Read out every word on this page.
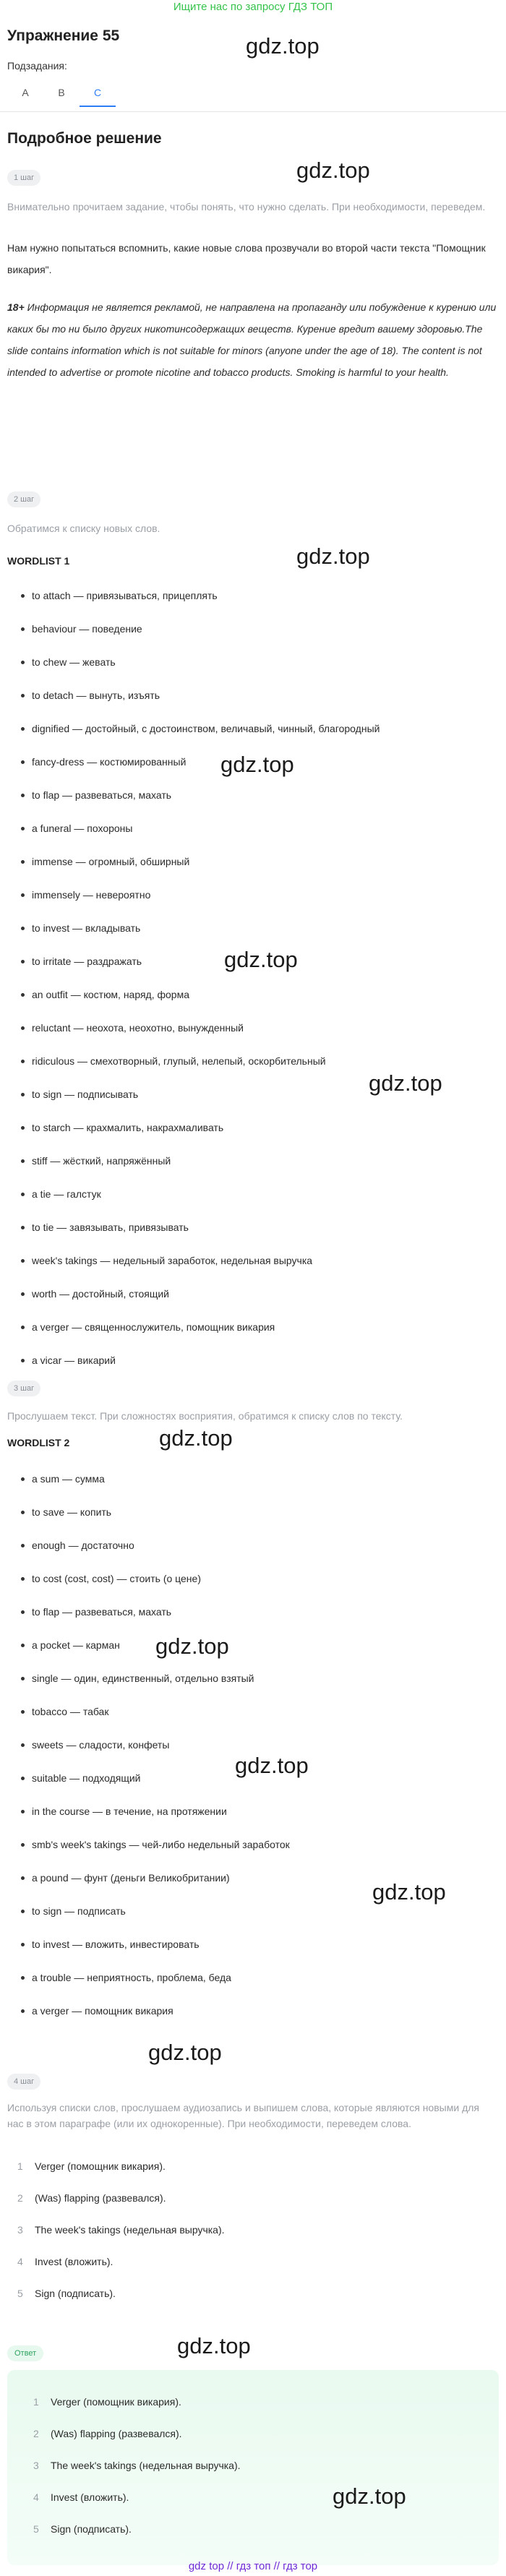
Ищите нас по запросу ГДЗ ТОП
Упражнение 55	gdz.top
Подзадания:
A	B	C
Подробное решение
gdz.top
1 шаг
Внимательно прочитаем задание, чтобы понять, что нужно сделать. При необходимости, переведем.
Нам нужно попытаться вспомнить, какие новые слова прозвучали во второй части текста "Помощник викария".
18+ Информация не является рекламой, не направлена на пропаганду или побуждение к курению или каких бы то ни было других никотинсодержащих веществ. Курение вредит вашему здоровью.The slide contains information which is not suitable for minors (anyone under the age of 18). The content is not intended to advertise or promote nicotine and tobacco products. Smoking is harmful to your health.
2 шаг
Обратимся к списку новых слов.
WORDLIST 1	gdz.top
to attach — привязываться, прицеплять
behaviour — поведение
to chew — жевать
to detach — вынуть, изъять
dignified — достойный, с достоинством, величавый, чинный, благородный
fancy-dress — костюмированный
to flap — развеваться, махать
a funeral — похороны
immense — огромный, обширный
immensely — невероятно
to invest — вкладывать
to irritate — раздражать
an outfit — костюм, наряд, форма
reluctant — неохота, неохотно, вынужденный
ridiculous — смехотворный, глупый, нелепый, оскорбительный
to sign — подписывать
to starch — крахмалить, накрахмаливать
stiff — жёсткий, напряжённый
a tie — галстук
to tie — завязывать, привязывать
week's takings — недельный заработок, недельная выручка
worth — достойный, стоящий
a verger — священнослужитель, помощник викария
a vicar — викарий
gdz.top
gdz.top
gdz.top
3 шаг
Прослушаем текст. При сложностях восприятия, обратимся к списку слов по тексту.
WORDLIST 2	gdz.top
a sum — сумма
to save — копить
enough — достаточно
to cost (cost, cost) — стоить (о цене)
to flap — развеваться, махать
a pocket — карман
single — один, единственный, отдельно взятый
tobacco — табак
sweets — сладости, конфеты
suitable — подходящий
in the course — в течение, на протяжении
smb's week's takings — чей-либо недельный заработок
a pound — фунт (деньги Великобритании)
to sign — подписать
to invest — вложить, инвестировать
a trouble — неприятность, проблема, беда
a verger — помощник викария
gdz.top
gdz.top
gdz.top
gdz.top
4 шаг
Используя списки слов, прослушаем аудиозапись и выпишем слова, которые являются новыми для нас в этом параграфе (или их однокоренные). При необходимости, переведем слова.
1	Verger (помощник викария).
2	(Was) flapping (развевался).
3	The week's takings (недельная выручка).
4	Invest (вложить).
5	Sign (подписать).
Ответ	gdz.top
1	Verger (помощник викария).
2	(Was) flapping (развевался).
3	The week's takings (недельная выручка).
4	Invest (вложить).
5	Sign (подписать).
gdz.top
gdz top // гдз топ // гдз тор
